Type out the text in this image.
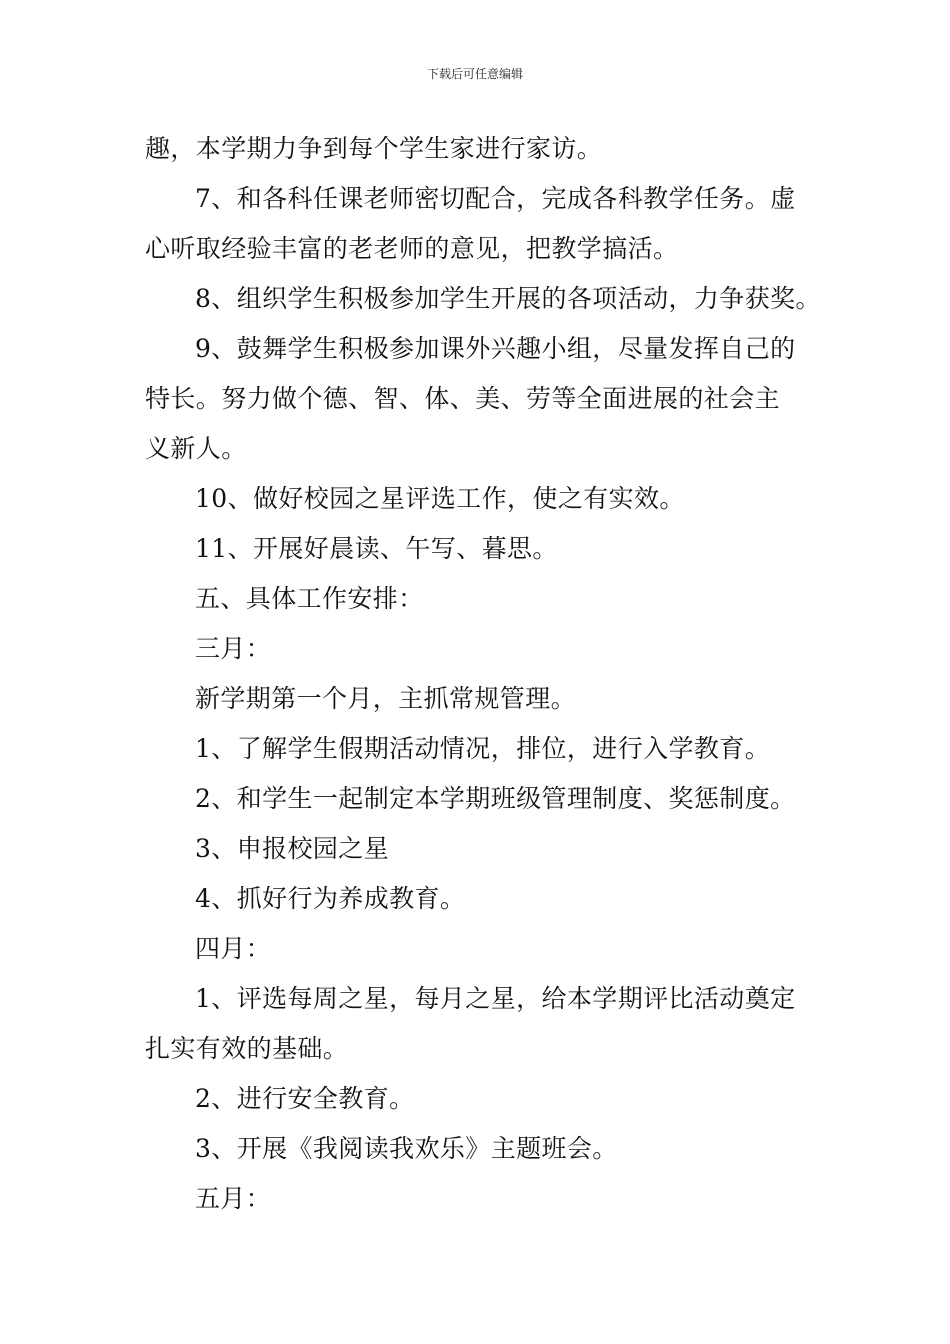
下载后可任意编辑
趣，本学期力争到每个学生家进行家访。
7、和各科任课老师密切配合，完成各科教学任务。虚
心听取经验丰富的老老师的意见，把教学搞活。
8、组织学生积极参加学生开展的各项活动，力争获奖。
9、鼓舞学生积极参加课外兴趣小组，尽量发挥自己的
特长。努力做个德、智、体、美、劳等全面进展的社会主
义新人。
10、做好校园之星评选工作，使之有实效。
11、开展好晨读、午写、暮思。
五、具体工作安排：
三月：
新学期第一个月，主抓常规管理。
1、了解学生假期活动情况，排位，进行入学教育。
2、和学生一起制定本学期班级管理制度、奖惩制度。
3、申报校园之星
4、抓好行为养成教育。
四月：
1、评选每周之星，每月之星，给本学期评比活动奠定
扎实有效的基础。
2、进行安全教育。
3、开展《我阅读我欢乐》主题班会。
五月：
